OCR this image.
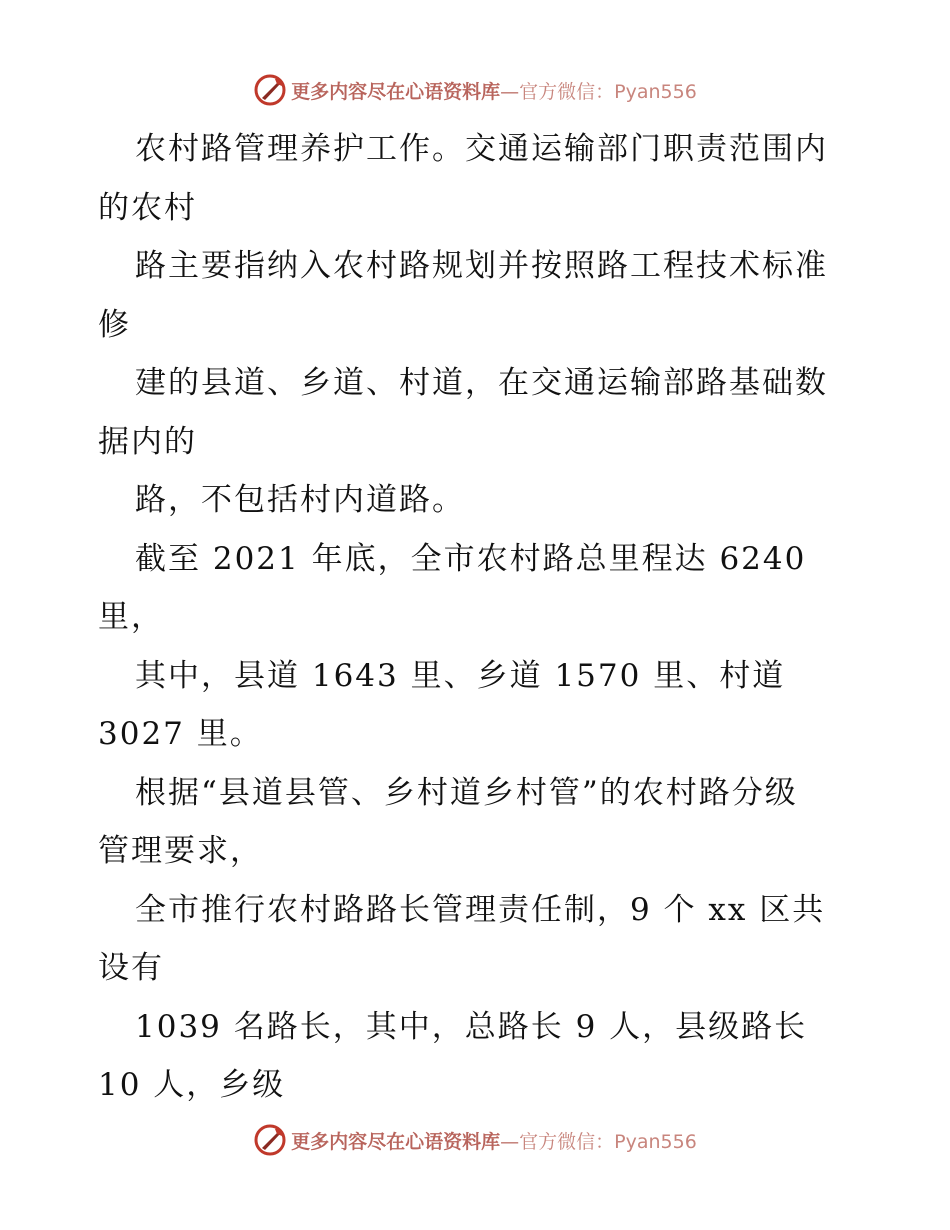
更多内容尽在心语资料库—官方微信：Pyan556
农村路管理养护工作。交通运输部门职责范围内
的农村
路主要指纳入农村路规划并按照路工程技术标准
修
建的县道、乡道、村道，在交通运输部路基础数
据内的
路，不包括村内道路。
截至 2021 年底，全市农村路总里程达 6240
里，
其中，县道 1643 里、乡道 1570 里、村道
3027 里。
根据“县道县管、乡村道乡村管”的农村路分级
管理要求，
全市推行农村路路长管理责任制，9 个 xx 区共
设有
1039 名路长，其中，总路长 9 人，县级路长
10 人，乡级
更多内容尽在心语资料库—官方微信：Pyan556
